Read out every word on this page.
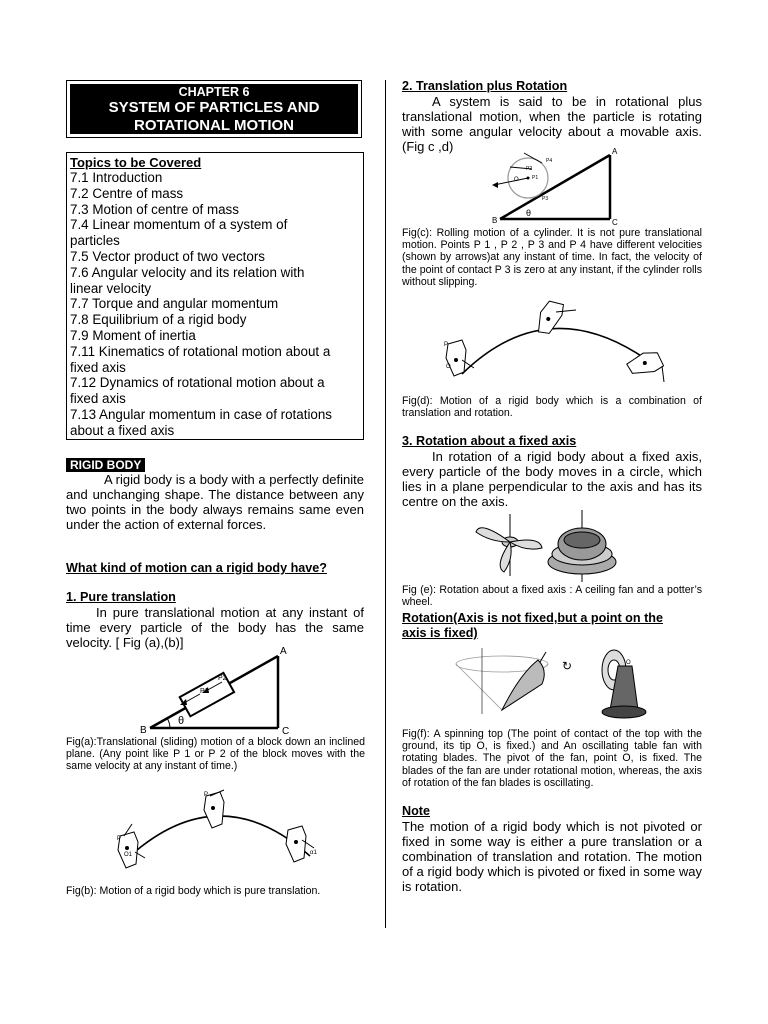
CHAPTER 6
SYSTEM OF PARTICLES AND
ROTATIONAL MOTION
Topics to be Covered
7.1 Introduction
7.2 Centre of mass
7.3 Motion of centre of mass
7.4 Linear momentum of a system of
particles
7.5 Vector product of two vectors
7.6 Angular velocity and its relation with
linear velocity
7.7 Torque and angular momentum
7.8 Equilibrium of a rigid body
7.9 Moment of inertia
7.11 Kinematics of rotational motion about a
fixed axis
7.12 Dynamics of rotational motion about a
fixed axis
7.13 Angular momentum in case of rotations
about a fixed axis
RIGID BODY
A rigid body is a body with a perfectly definite and unchanging shape. The distance between any two points in the body always remains same even under the action of external forces.
What kind of motion can a rigid body have?
1. Pure translation
In pure translational motion at any instant of time every particle of the body has the same velocity. [ Fig (a),(b)]
A
B	C
θ
P2
P1
Fig(a):Translational (sliding) motion of a block down an inclined plane. (Any point like P 1 or P 2 of the block moves with the same velocity at any instant of time.)
P
P
O1	α1
Fig(b): Motion of a rigid body which is pure translation.
2. Translation plus Rotation
A system is said to be in rotational plus translational motion, when the particle is rotating with some angular velocity about a movable axis. (Fig c ,d)	A
B	C
θ
O	P1
P2
P3
P4
Fig(c): Rolling motion of a cylinder. It is not pure translational motion. Points P 1 , P 2 , P 3 and P 4 have different velocities (shown by arrows)at any instant of time. In fact, the velocity of the point of contact P 3 is zero at any instant, if the cylinder rolls without slipping.
P
O
Fig(d): Motion of a rigid body which is a combination of translation and rotation.
3. Rotation about a fixed axis
In rotation of a rigid body about a fixed axis, every particle of the body moves in a circle, which lies in a plane perpendicular to the axis and has its centre on the axis.
Fig (e): Rotation about a fixed axis : A ceiling fan and a potter’s wheel.
Rotation(Axis is not fixed,but a point on the
axis is fixed)
↻	O
Fig(f): A spinning top (The point of contact of the top with the ground, its tip O, is fixed.) and An oscillating table fan with rotating blades. The pivot of the fan, point O, is fixed. The blades of the fan are under rotational motion, whereas, the axis of rotation of the fan blades is oscillating.
Note
The motion of a rigid body which is not pivoted or fixed in some way is either a pure translation or a combination of translation and rotation. The motion of a rigid body which is pivoted or fixed in some way is rotation.
